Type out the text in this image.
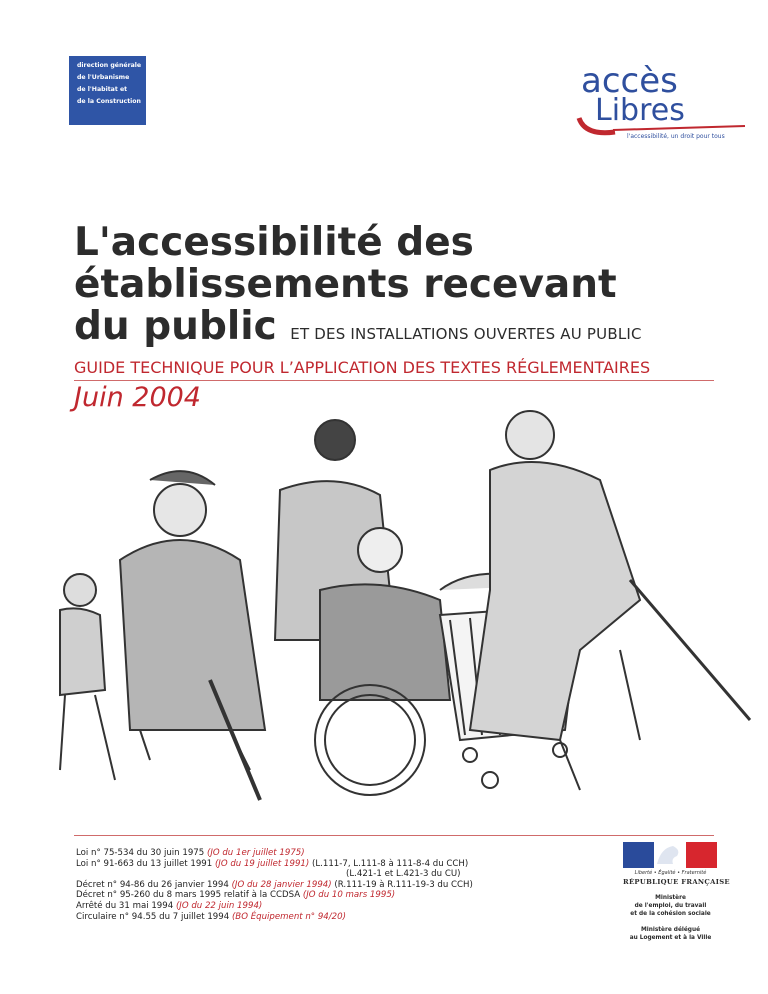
direction générale
de l'Urbanisme
de l'Habitat et
de la Construction
accès
Libres
l'accessibilité, un droit pour tous
L'accessibilité des
établissements recevant
du public ET DES INSTALLATIONS OUVERTES AU PUBLIC
GUIDE TECHNIQUE POUR L’APPLICATION DES TEXTES RÉGLEMENTAIRES
Juin 2004
Loi n° 75-534 du 30 juin 1975 (JO du 1er juillet 1975)
Loi n° 91-663 du 13 juillet 1991 (JO du 19 juillet 1991) (L.111-7, L.111-8 à 111-8-4 du CCH)
(L.421-1 et L.421-3 du CU)
Décret n° 94-86 du 26 janvier 1994 (JO du 28 janvier 1994) (R.111-19 à R.111-19-3 du CCH)
Décret n° 95-260 du 8 mars 1995 relatif à la CCDSA (JO du 10 mars 1995)
Arrêté du 31 mai 1994 (JO du 22 juin 1994)
Circulaire n° 94.55 du 7 juillet 1994 (BO Équipement n° 94/20)
Liberté • Égalité • Fraternité
RÉPUBLIQUE FRANÇAISE
Ministère
de l'emploi, du travail
et de la cohésion sociale
Ministère délégué
au Logement et à la Ville
